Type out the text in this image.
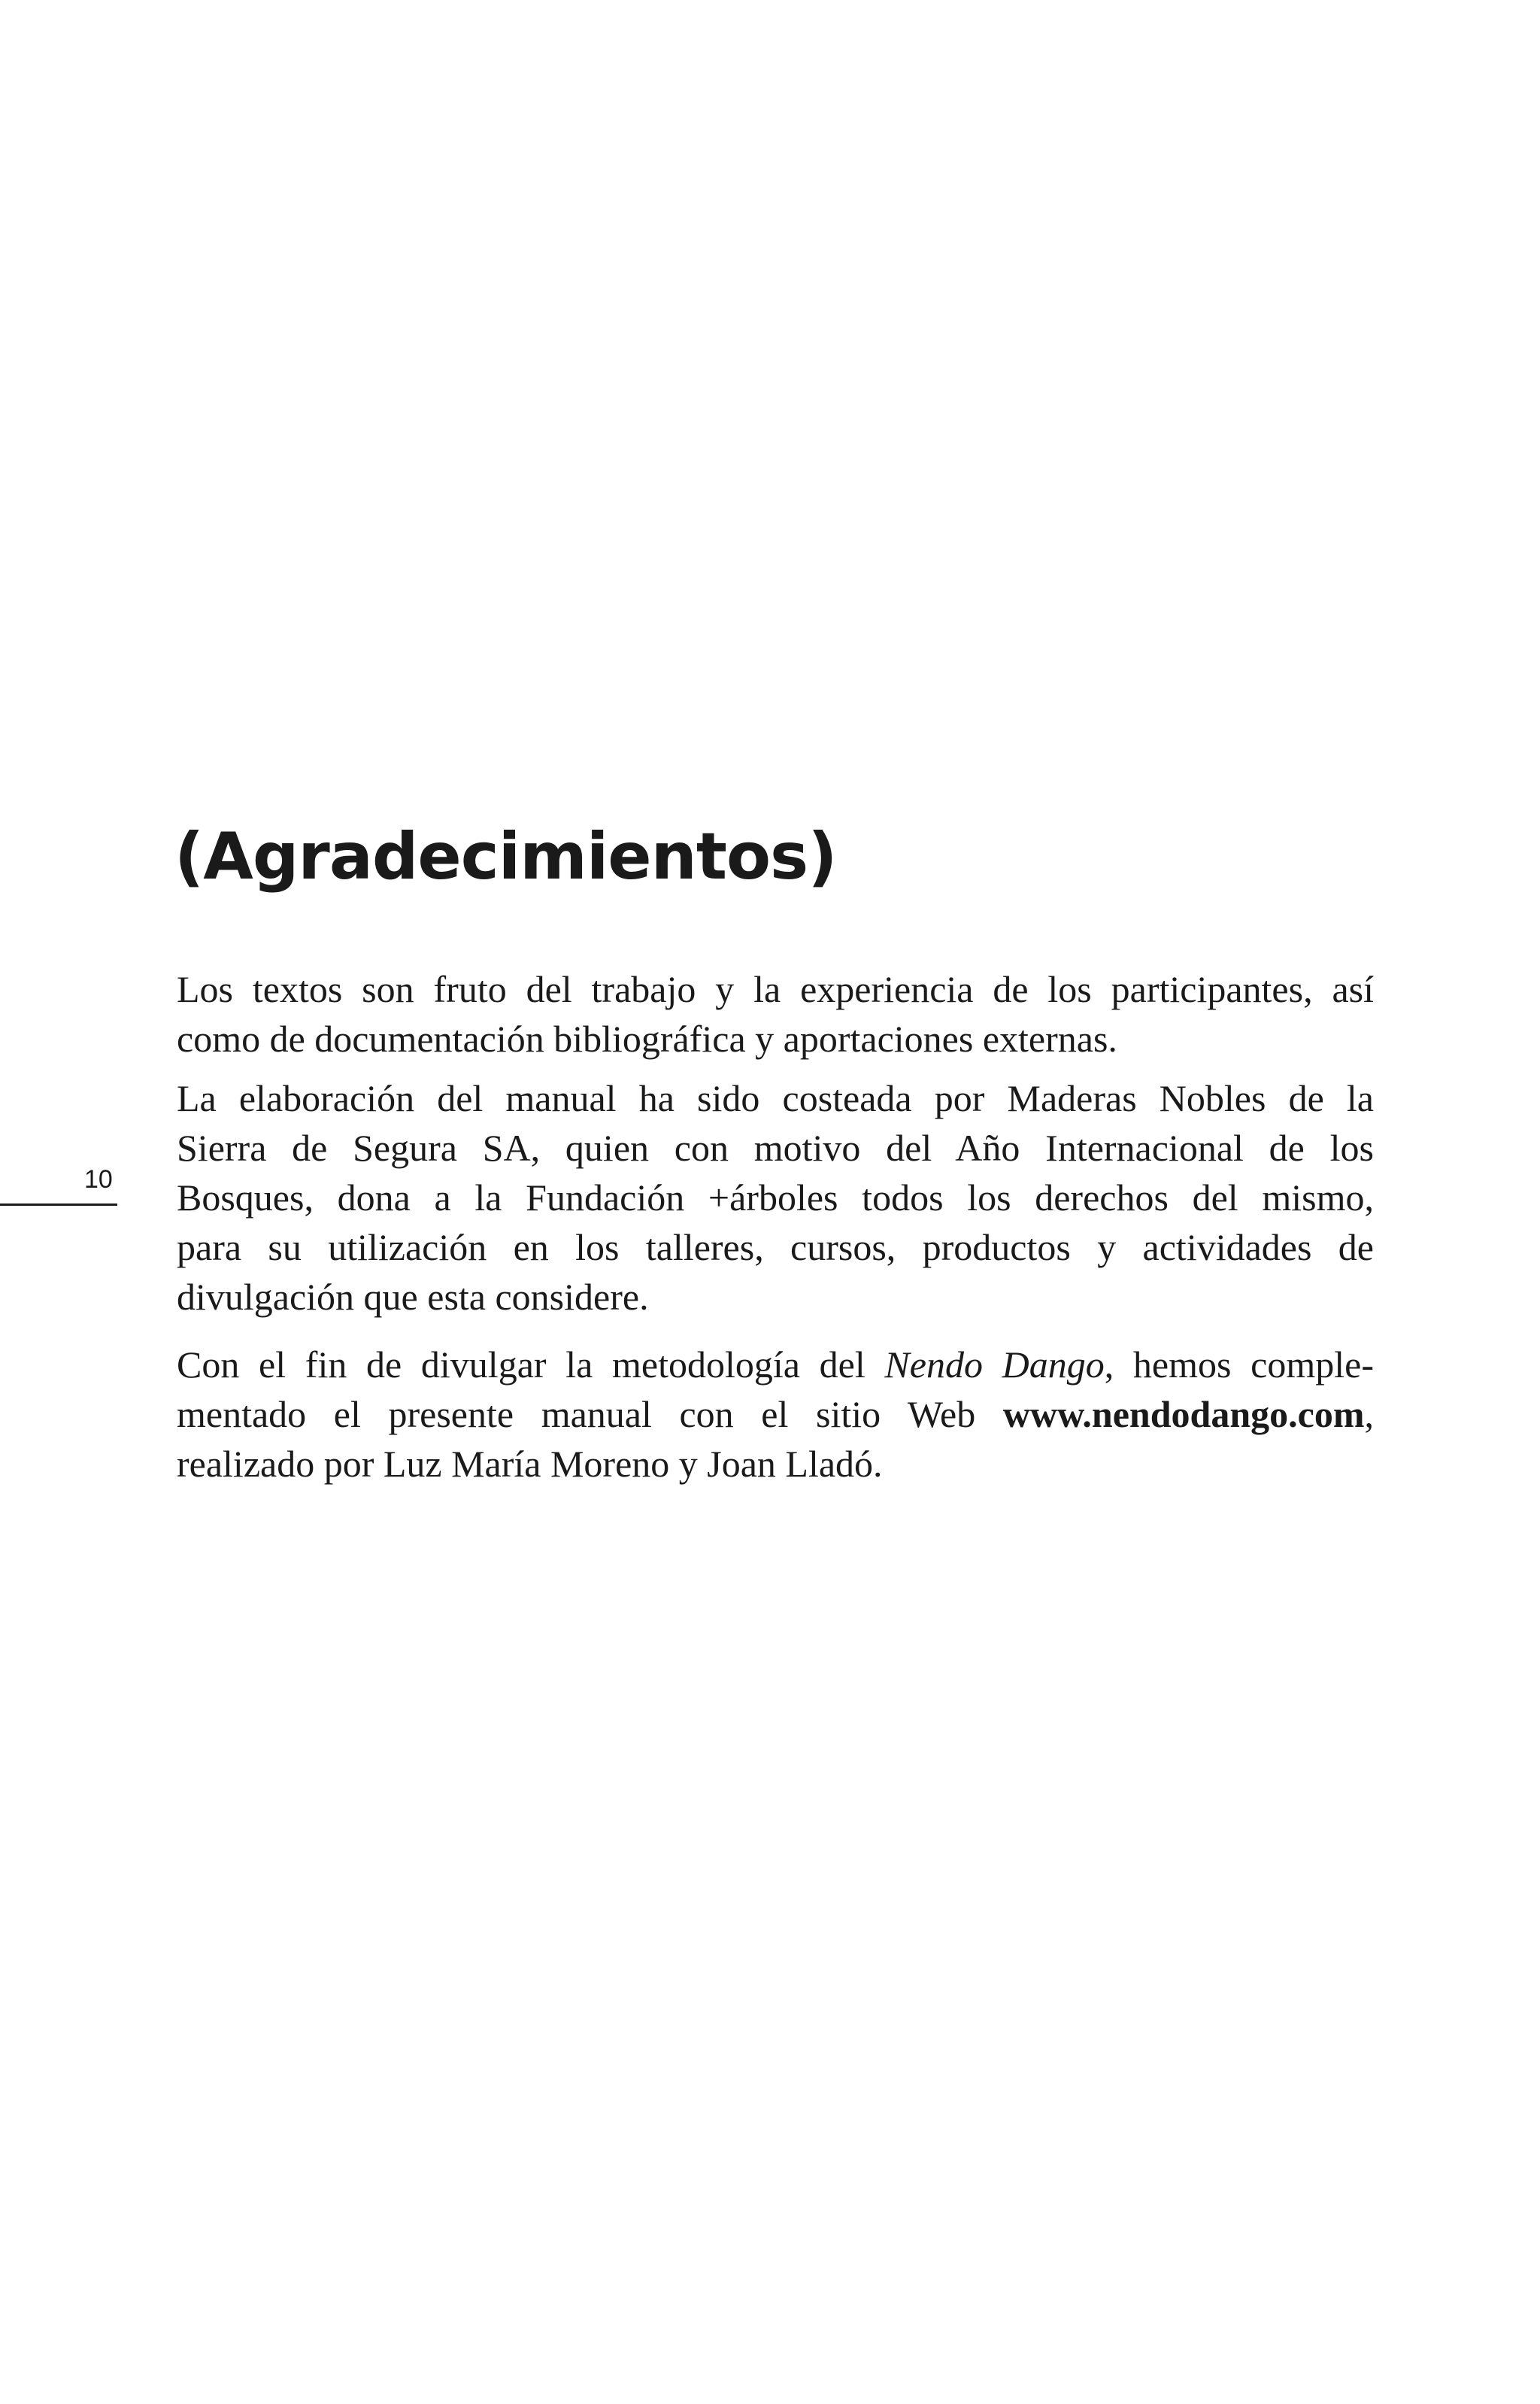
10
(Agradecimientos)

Los textos son fruto del trabajo y la experiencia de los participantes, así
como de documentación bibliográfica y aportaciones externas.

La elaboración del manual ha sido costeada por Maderas Nobles de la
Sierra de Segura SA, quien con motivo del Año Internacional de los
Bosques, dona a la Fundación +árboles todos los derechos del mismo,
para su utilización en los talleres, cursos, productos y actividades de
divulgación que esta considere.

Con el fin de divulgar la metodología del Nendo Dango, hemos comple-
mentado el presente manual con el sitio Web www.nendodango.com,
realizado por Luz María Moreno y Joan Lladó.
